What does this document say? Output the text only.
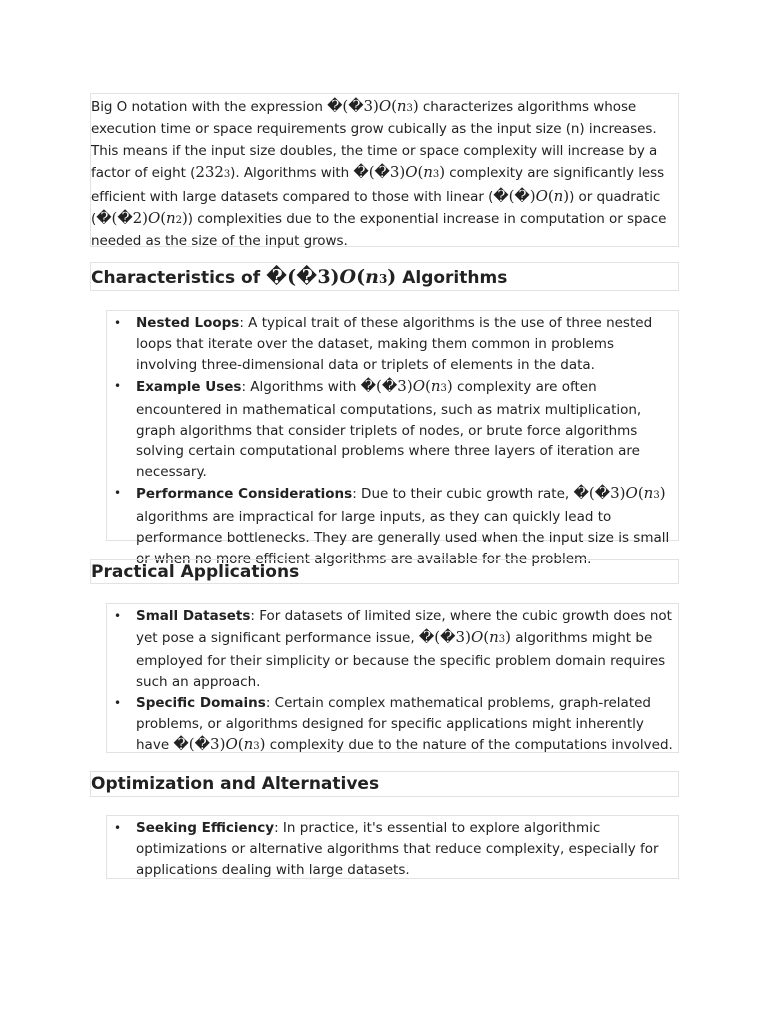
Big O notation with the expression �(�3)O(n3) characterizes algorithms whose execution time or space requirements grow cubically as the input size (n) increases. This means if the input size doubles, the time or space complexity will increase by a factor of eight (2323). Algorithms with �(�3)O(n3) complexity are significantly less efficient with large datasets compared to those with linear (�(�)O(n)) or quadratic (�(�2)O(n2)) complexities due to the exponential increase in computation or space needed as the size of the input grows.

Characteristics of �(�3)O(n3) Algorithms
• Nested Loops: A typical trait of these algorithms is the use of three nested loops that iterate over the dataset, making them common in problems involving three-dimensional data or triplets of elements in the data.
• Example Uses: Algorithms with �(�3)O(n3) complexity are often encountered in mathematical computations, such as matrix multiplication, graph algorithms that consider triplets of nodes, or brute force algorithms solving certain computational problems where three layers of iteration are necessary.
• Performance Considerations: Due to their cubic growth rate, �(�3)O(n3) algorithms are impractical for large inputs, as they can quickly lead to performance bottlenecks. They are generally used when the input size is small or when no more efficient algorithms are available for the problem.
Practical Applications
• Small Datasets: For datasets of limited size, where the cubic growth does not yet pose a significant performance issue, �(�3)O(n3) algorithms might be employed for their simplicity or because the specific problem domain requires such an approach.
• Specific Domains: Certain complex mathematical problems, graph-related problems, or algorithms designed for specific applications might inherently have �(�3)O(n3) complexity due to the nature of the computations involved.
Optimization and Alternatives
• Seeking Efficiency: In practice, it's essential to explore algorithmic optimizations or alternative algorithms that reduce complexity, especially for applications dealing with large datasets.
